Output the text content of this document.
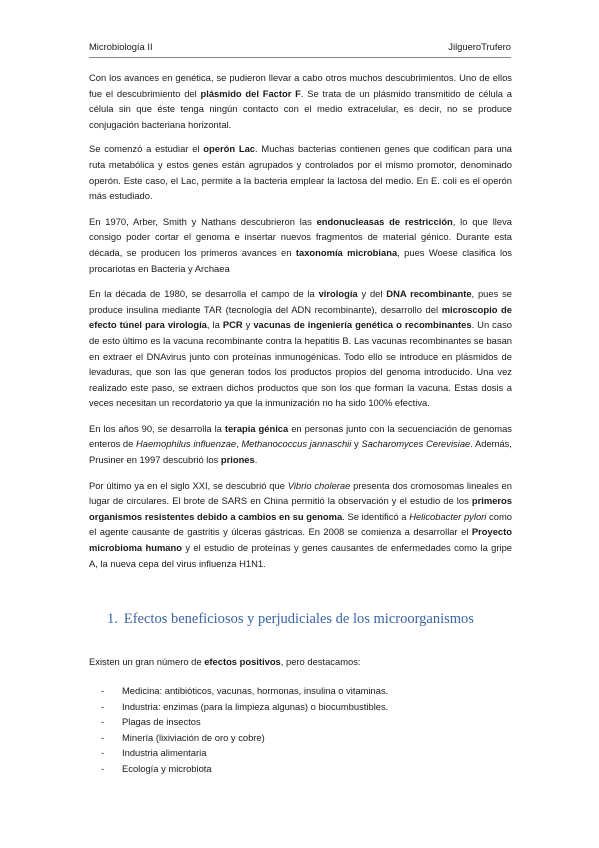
Microbiología II	JilgueroTrufero

Con los avances en genética, se pudieron llevar a cabo otros muchos descubrimientos. Uno de ellos fue el descubrimiento del plásmido del Factor F. Se trata de un plásmido transmitido de célula a célula sin que éste tenga ningún contacto con el medio extracelular, es decir, no se produce conjugación bacteriana horizontal.

Se comenzó a estudiar el operón Lac. Muchas bacterias contienen genes que codifican para una ruta metabólica y estos genes están agrupados y controlados por el mismo promotor, denominado operón. Este caso, el Lac, permite a la bacteria emplear la lactosa del medio. En E. coli es el operón más estudiado.

En 1970, Arber, Smith y Nathans descubrieron las endonucleasas de restricción, lo que lleva consigo poder cortar el genoma e insertar nuevos fragmentos de material génico. Durante esta década, se producen los primeros avances en taxonomía microbiana, pues Woese clasifica los procariotas en Bacteria y Archaea

En la década de 1980, se desarrolla el campo de la virología y del DNA recombinante, pues se produce insulina mediante TAR (tecnología del ADN recombinante), desarrollo del microscopio de efecto túnel para virología, la PCR y vacunas de ingeniería genética o recombinantes. Un caso de esto último es la vacuna recombinante contra la hepatitis B. Las vacunas recombinantes se basan en extraer el DNAvirus junto con proteínas inmunogénicas. Todo ello se introduce en plásmidos de levaduras, que son las que generan todos los productos propios del genoma introducido. Una vez realizado este paso, se extraen dichos productos que son los que forman la vacuna. Estas dosis a veces necesitan un recordatorio ya que la inmunización no ha sido 100% efectiva.

En los años 90, se desarrolla la terapia génica en personas junto con la secuenciación de genomas enteros de Haemophilus influenzae, Methanococcus jannaschii y Sacharomyces Cerevisiae. Además, Prusiner en 1997 descubrió los priones.

Por último ya en el siglo XXI, se descubrió que Vibrio cholerae presenta dos cromosomas lineales en lugar de circulares. El brote de SARS en China permitió la observación y el estudio de los primeros organismos resistentes debido a cambios en su genoma. Se identificó a Helicobacter pylori como el agente causante de gastritis y úlceras gástricas. En 2008 se comienza a desarrollar el Proyecto microbioma humano y el estudio de proteínas y genes causantes de enfermedades como la gripe A, la nueva cepa del virus influenza H1N1.

1. Efectos beneficiosos y perjudiciales de los microorganismos
Existen un gran número de efectos positivos, pero destacamos:
-	Medicina: antibióticos, vacunas, hormonas, insulina o vitaminas.
-	Industria: enzimas (para la limpieza algunas) o biocumbustibles.
-	Plagas de insectos
-	Minería (lixiviación de oro y cobre)
-	Industria alimentaria
-	Ecología y microbiota
